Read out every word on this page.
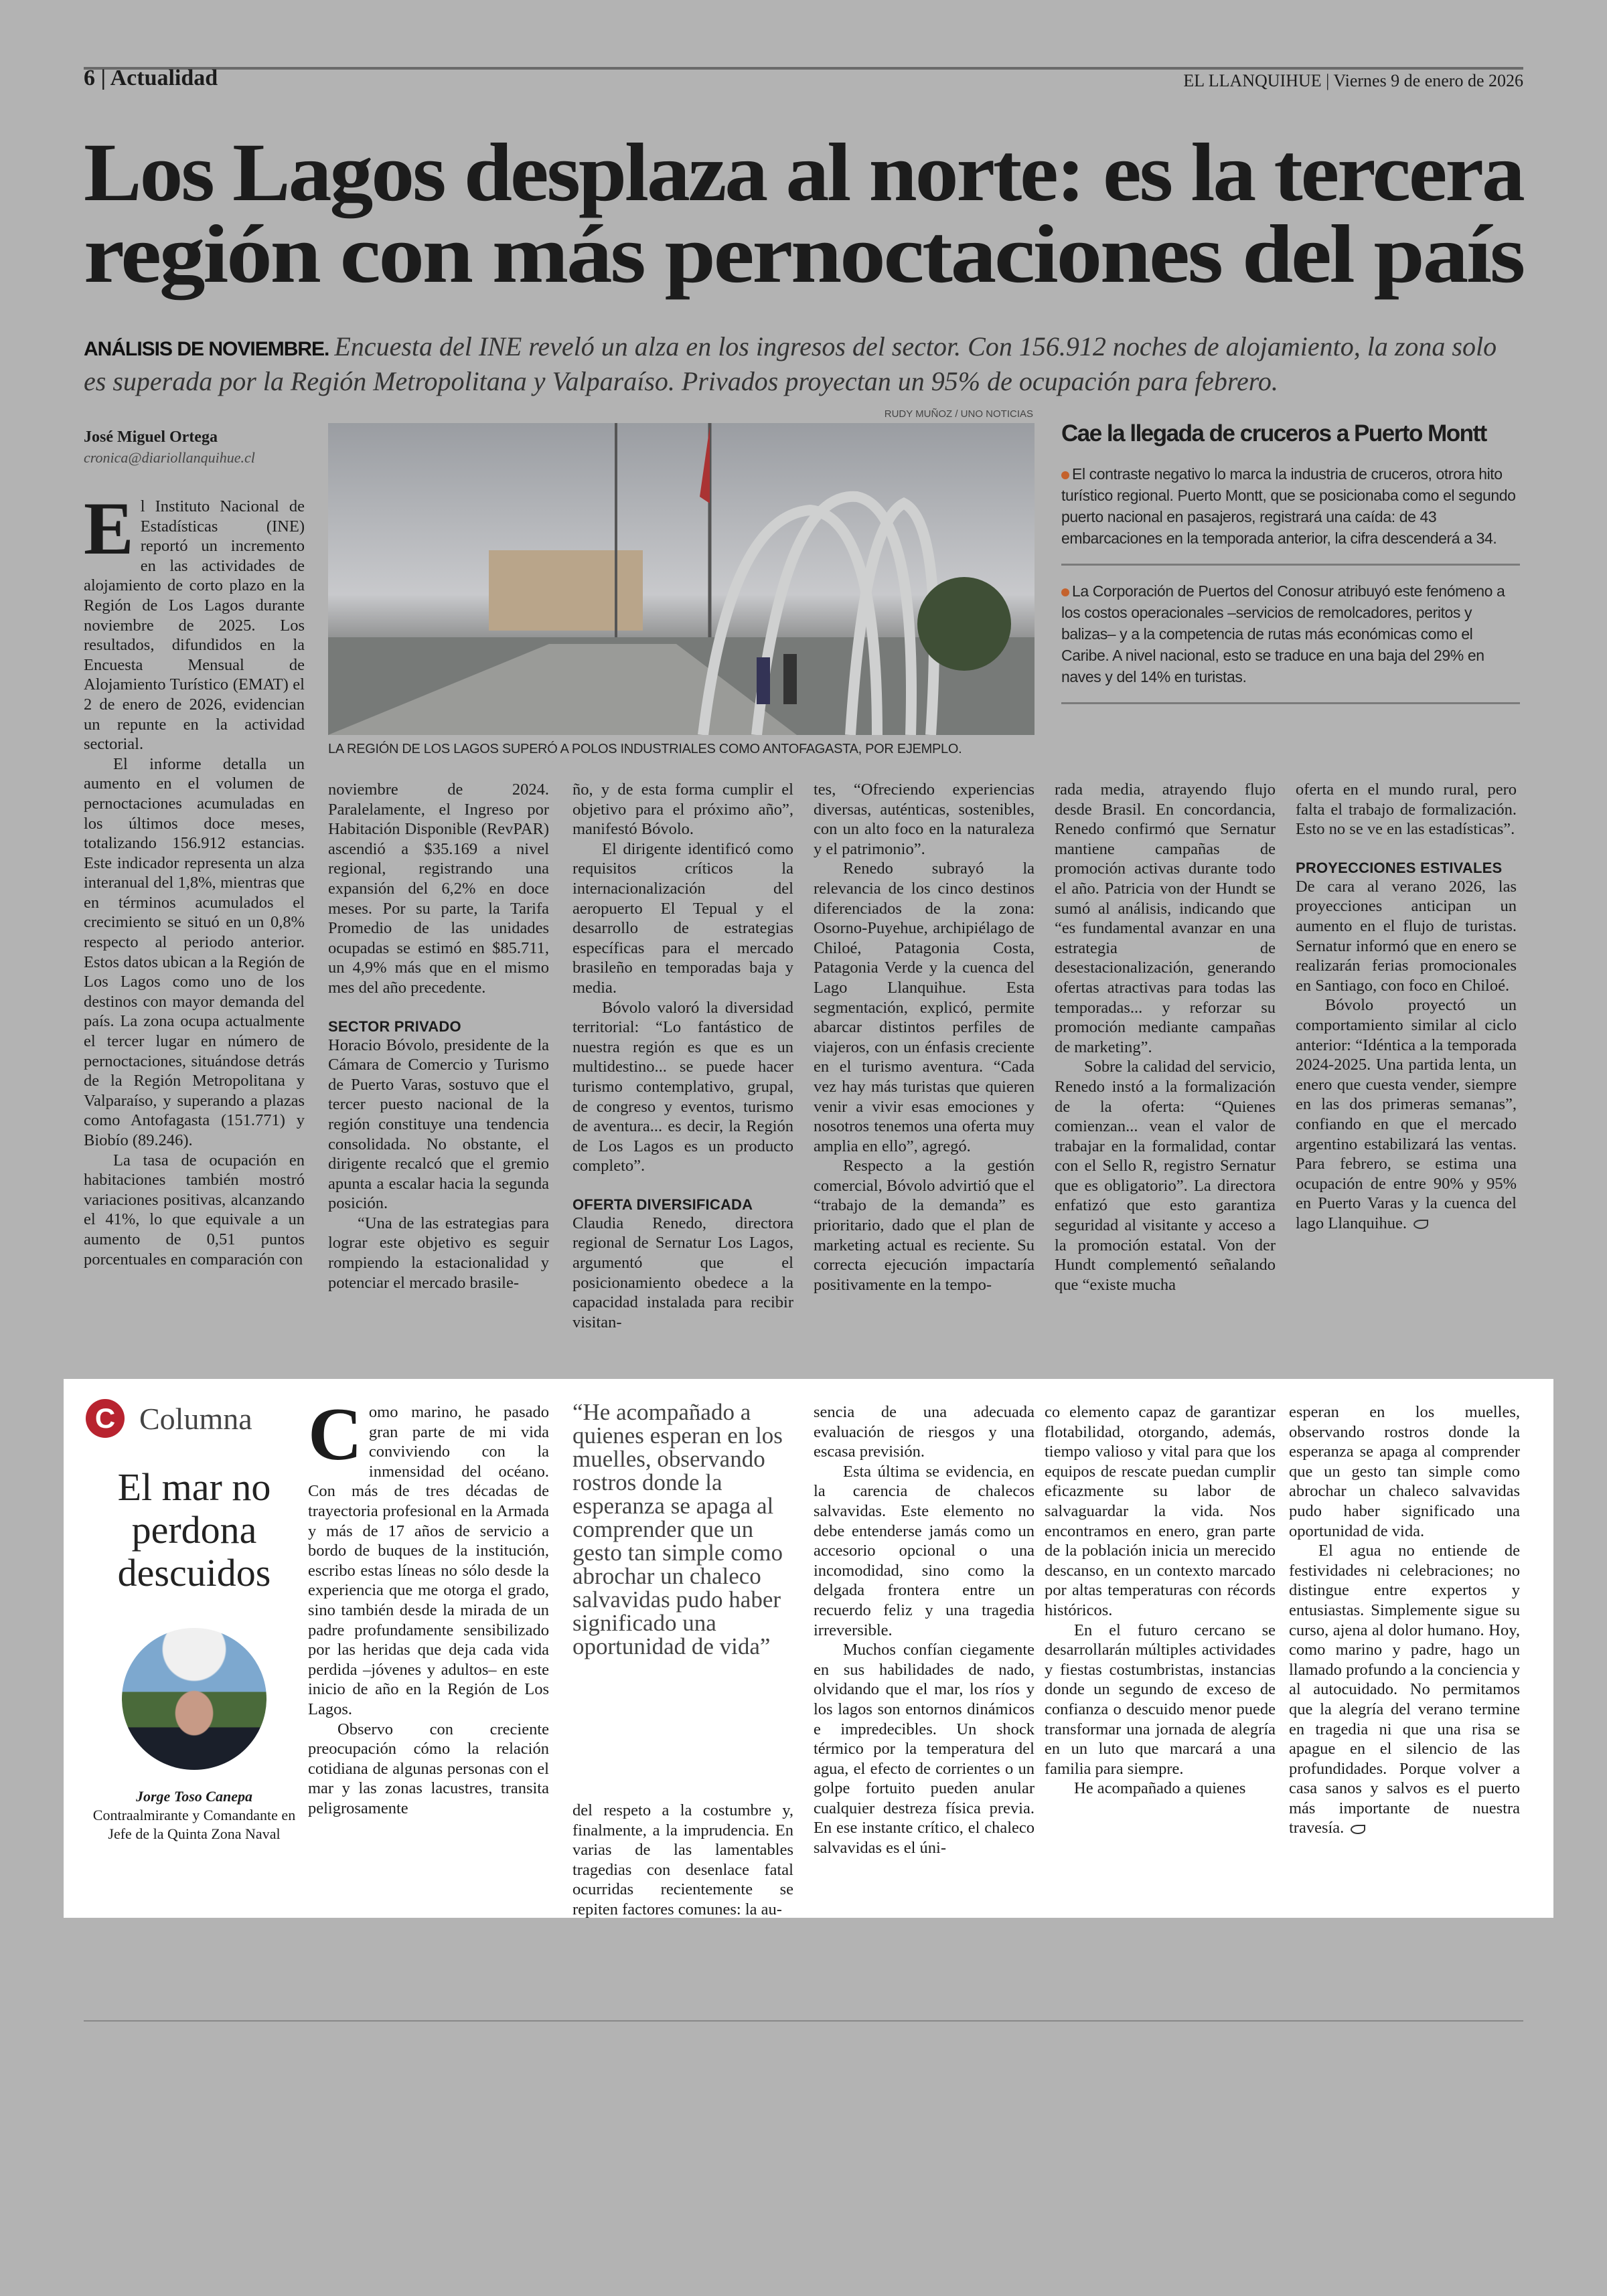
6 | Actualidad	EL LLANQUIHUE | Viernes 9 de enero de 2026
Los Lagos desplaza al norte: es la tercera
región con más pernoctaciones del país
ANÁLISIS DE NOVIEMBRE. Encuesta del INE reveló un alza en los ingresos del sector. Con 156.912 noches de alojamiento, la zona solo es superada por la Región Metropolitana y Valparaíso. Privados proyectan un 95% de ocupación para febrero.
José Miguel Ortega
cronica@diariollanquihue.cl
RUDY MUÑOZ / UNO NOTICIAS
LA REGIÓN DE LOS LAGOS SUPERÓ A POLOS INDUSTRIALES COMO ANTOFAGASTA, POR EJEMPLO.
Cae la llegada de cruceros a Puerto Montt
El contraste negativo lo marca la industria de cruceros, otrora hito turístico regional. Puerto Montt, que se posicionaba como el segundo puerto nacional en pasajeros, registrará una caída: de 43 embarcaciones en la temporada anterior, la cifra descenderá a 34.
La Corporación de Puertos del Conosur atribuyó este fenómeno a los costos operacionales –servicios de remolcadores, peritos y balizas– y a la competencia de rutas más económicas como el Caribe. A nivel nacional, esto se traduce en una baja del 29% en naves y del 14% en turistas.

El Instituto Nacional de Estadísticas (INE) reportó un incremento en las actividades de alojamiento de corto plazo en la Región de Los Lagos durante noviembre de 2025. Los resultados, difundidos en la Encuesta Mensual de Alojamiento Turístico (EMAT) el 2 de enero de 2026, evidencian un repunte en la actividad sectorial.

El informe detalla un aumento en el volumen de pernoctaciones acumuladas en los últimos doce meses, totalizando 156.912 estancias. Este indicador representa un alza interanual del 1,8%, mientras que en términos acumulados el crecimiento se situó en un 0,8% respecto al periodo anterior. Estos datos ubican a la Región de Los Lagos como uno de los destinos con mayor demanda del país. La zona ocupa actualmente el tercer lugar en número de pernoctaciones, situándose detrás de la Región Metropolitana y Valparaíso, y superando a plazas como Antofagasta (151.771) y Biobío (89.246).

La tasa de ocupación en habitaciones también mostró variaciones positivas, alcanzando el 41%, lo que equivale a un aumento de 0,51 puntos porcentuales en comparación con

noviembre de 2024. Paralelamente, el Ingreso por Habitación Disponible (RevPAR) ascendió a $35.169 a nivel regional, registrando una expansión del 6,2% en doce meses. Por su parte, la Tarifa Promedio de las unidades ocupadas se estimó en $85.711, un 4,9% más que en el mismo mes del año precedente.

SECTOR PRIVADO

Horacio Bóvolo, presidente de la Cámara de Comercio y Turismo de Puerto Varas, sostuvo que el tercer puesto nacional de la región constituye una tendencia consolidada. No obstante, el dirigente recalcó que el gremio apunta a escalar hacia la segunda posición.

“Una de las estrategias para lograr este objetivo es seguir rompiendo la estacionalidad y potenciar el mercado brasile-

ño, y de esta forma cumplir el objetivo para el próximo año”, manifestó Bóvolo.

El dirigente identificó como requisitos críticos la internacionalización del aeropuerto El Tepual y el desarrollo de estrategias específicas para el mercado brasileño en temporadas baja y media.

Bóvolo valoró la diversidad territorial: “Lo fantástico de nuestra región es que es un multidestino... se puede hacer turismo contemplativo, grupal, de congreso y eventos, turismo de aventura... es decir, la Región de Los Lagos es un producto completo”.

OFERTA DIVERSIFICADA

Claudia Renedo, directora regional de Sernatur Los Lagos, argumentó que el posicionamiento obedece a la capacidad instalada para recibir visitan-

tes, “Ofreciendo experiencias diversas, auténticas, sostenibles, con un alto foco en la naturaleza y el patrimonio”.

Renedo subrayó la relevancia de los cinco destinos diferenciados de la zona: Osorno-Puyehue, archipiélago de Chiloé, Patagonia Costa, Patagonia Verde y la cuenca del Lago Llanquihue. Esta segmentación, explicó, permite abarcar distintos perfiles de viajeros, con un énfasis creciente en el turismo aventura. “Cada vez hay más turistas que quieren venir a vivir esas emociones y nosotros tenemos una oferta muy amplia en ello”, agregó.

Respecto a la gestión comercial, Bóvolo advirtió que el “trabajo de la demanda” es prioritario, dado que el plan de marketing actual es reciente. Su correcta ejecución impactaría positivamente en la tempo-

rada media, atrayendo flujo desde Brasil. En concordancia, Renedo confirmó que Sernatur mantiene campañas de promoción activas durante todo el año. Patricia von der Hundt se sumó al análisis, indicando que “es fundamental avanzar en una estrategia de desestacionalización, generando ofertas atractivas para todas las temporadas... y reforzar su promoción mediante campañas de marketing”.

Sobre la calidad del servicio, Renedo instó a la formalización de la oferta: “Quienes comienzan... vean el valor de trabajar en la formalidad, contar con el Sello R, registro Sernatur que es obligatorio”. La directora enfatizó que esto garantiza seguridad al visitante y acceso a la promoción estatal. Von der Hundt complementó señalando que “existe mucha

oferta en el mundo rural, pero falta el trabajo de formalización. Esto no se ve en las estadísticas”.

PROYECCIONES ESTIVALES

De cara al verano 2026, las proyecciones anticipan un aumento en el flujo de turistas. Sernatur informó que en enero se realizarán ferias promocionales en Santiago, con foco en Chiloé.

Bóvolo proyectó un comportamiento similar al ciclo anterior: “Idéntica a la temporada 2024-2025. Una partida lenta, un enero que cuesta vender, siempre en las dos primeras semanas”, confiando en que el mercado argentino estabilizará las ventas. Para febrero, se estima una ocupación de entre 90% y 95% en Puerto Varas y la cuenca del lago Llanquihue.

C Columna
El mar no perdona descuidos
Jorge Toso Canepa
Contraalmirante y Comandante en Jefe de la Quinta Zona Naval
“He acompañado a quienes esperan en los muelles, observando rostros donde la esperanza se apaga al comprender que un gesto tan simple como abrochar un chaleco salvavidas pudo haber significado una oportunidad de vida”

Como marino, he pasado gran parte de mi vida conviviendo con la inmensidad del océano. Con más de tres décadas de trayectoria profesional en la Armada y más de 17 años de servicio a bordo de buques de la institución, escribo estas líneas no sólo desde la experiencia que me otorga el grado, sino también desde la mirada de un padre profundamente sensibilizado por las heridas que deja cada vida perdida –jóvenes y adultos– en este inicio de año en la Región de Los Lagos.

Observo con creciente preocupación cómo la relación cotidiana de algunas personas con el mar y las zonas lacustres, transita peligrosamente	del respeto a la costumbre y, finalmente, a la imprudencia. En varias de las lamentables tragedias con desenlace fatal ocurridas recientemente se repiten factores comunes: la au-

sencia de una adecuada evaluación de riesgos y una escasa previsión.

Esta última se evidencia, en la carencia de chalecos salvavidas. Este elemento no debe entenderse jamás como un accesorio opcional o una incomodidad, sino como la delgada frontera entre un recuerdo feliz y una tragedia irreversible.

Muchos confían ciegamente en sus habilidades de nado, olvidando que el mar, los ríos y los lagos son entornos dinámicos e impredecibles. Un shock térmico por la temperatura del agua, el efecto de corrientes o un golpe fortuito pueden anular cualquier destreza física previa. En ese instante crítico, el chaleco salvavidas es el úni-

co elemento capaz de garantizar flotabilidad, otorgando, además, tiempo valioso y vital para que los equipos de rescate puedan cumplir eficazmente su labor de salvaguardar la vida. Nos encontramos en enero, gran parte de la población inicia un merecido descanso, en un contexto marcado por altas temperaturas con récords históricos.

En el futuro cercano se desarrollarán múltiples actividades y fiestas costumbristas, instancias donde un segundo de exceso de confianza o descuido menor puede transformar una jornada de alegría en un luto que marcará a una familia para siempre.

He acompañado a quienes

esperan en los muelles, observando rostros donde la esperanza se apaga al comprender que un gesto tan simple como abrochar un chaleco salvavidas pudo haber significado una oportunidad de vida.

El agua no entiende de festividades ni celebraciones; no distingue entre expertos y entusiastas. Simplemente sigue su curso, ajena al dolor humano. Hoy, como marino y padre, hago un llamado profundo a la conciencia y al autocuidado. No permitamos que la alegría del verano termine en tragedia ni que una risa se apague en el silencio de las profundidades. Porque volver a casa sanos y salvos es el puerto más importante de nuestra travesía.
